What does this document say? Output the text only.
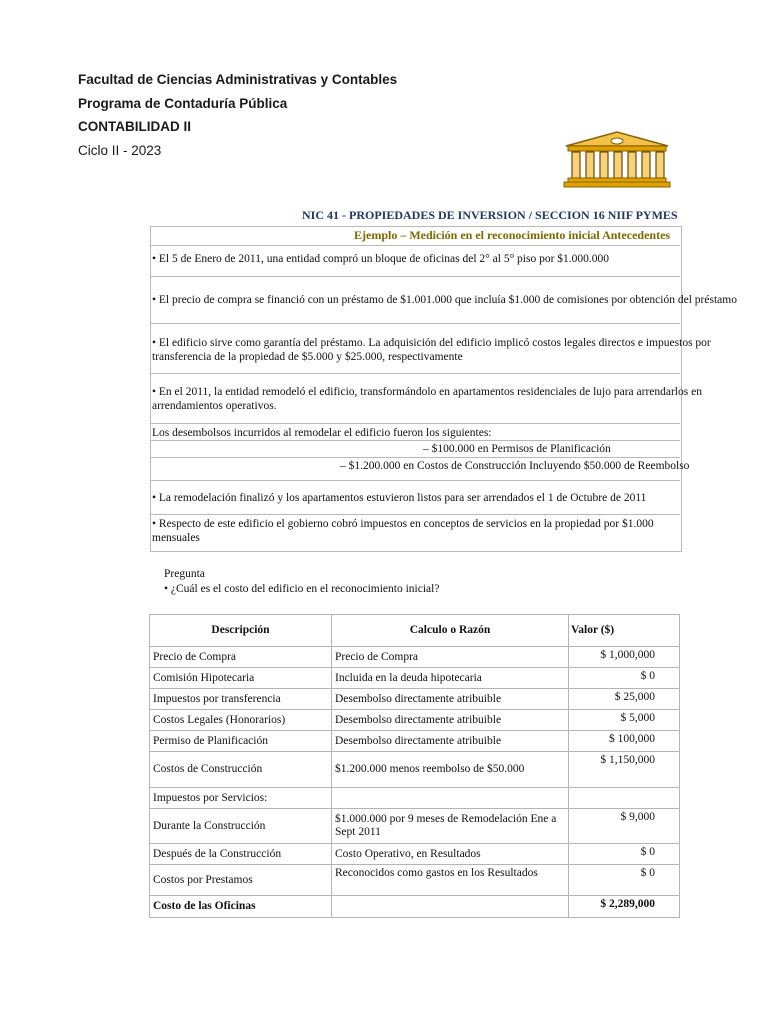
Facultad de Ciencias Administrativas y Contables
Programa de Contaduría Pública
CONTABILIDAD II
Ciclo II - 2023
NIC 41 - PROPIEDADES DE INVERSION / SECCION 16 NIIF PYMES
Ejemplo – Medición en el reconocimiento inicial Antecedentes
• El 5 de Enero de 2011, una entidad compró un bloque de oficinas del 2° al 5° piso por $1.000.000
• El precio de compra se financió con un préstamo de $1.001.000 que incluía $1.000 de comisiones por obtención del préstamo
• El edificio sirve como garantía del préstamo. La adquisición del edificio implicó costos legales directos e impuestos por
transferencia de la propiedad de $5.000 y $25.000, respectivamente
• En el 2011, la entidad remodeló el edificio, transformándolo en apartamentos residenciales de lujo para arrendarlos en
arrendamientos operativos.
Los desembolsos incurridos al remodelar el edificio fueron los siguientes:
– $100.000 en Permisos de Planificación
– $1.200.000 en Costos de Construcción Incluyendo $50.000 de Reembolso
• La remodelación finalizó y los apartamentos estuvieron listos para ser arrendados el 1 de Octubre de 2011
• Respecto de este edificio el gobierno cobró impuestos en conceptos de servicios en la propiedad por $1.000
mensuales
Pregunta
• ¿Cuál es el costo del edificio en el reconocimiento inicial?
Descripción	Calculo o Razón	Valor ($)
Precio de Compra	Precio de Compra	$ 1,000,000
Comisión Hipotecaria	Incluida en la deuda hipotecaria	$ 0
Impuestos por transferencia	Desembolso directamente atribuible	$ 25,000
Costos Legales (Honorarios)	Desembolso directamente atribuible	$ 5,000
Permiso de Planificación	Desembolso directamente atribuible	$ 100,000
Costos de Construcción	$1.200.000 menos reembolso de $50.000	$ 1,150,000
Impuestos por Servicios:		
Durante la Construcción	$1.000.000 por 9 meses de Remodelación Ene a Sept 2011	$ 9,000
Después de la Construcción	Costo Operativo, en Resultados	$ 0
Costos por Prestamos	Reconocidos como gastos en los Resultados	$ 0
Costo de las Oficinas		$ 2,289,000
